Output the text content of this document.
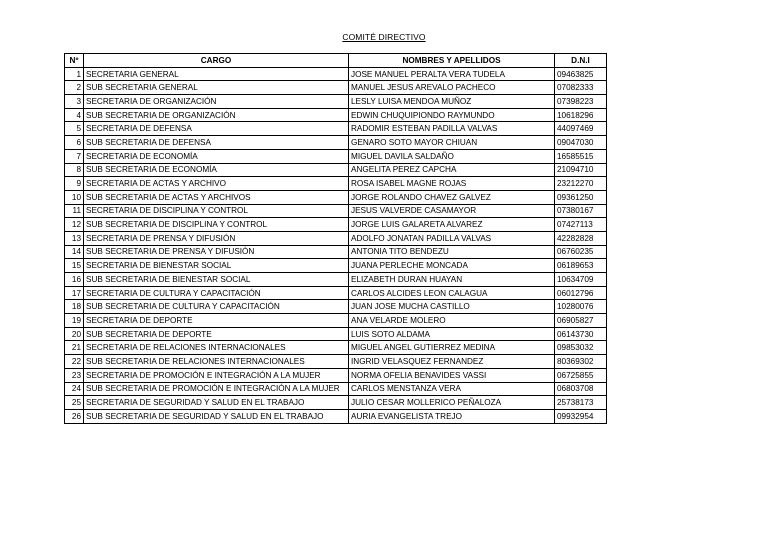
COMITÉ DIRECTIVO
Nº	CARGO	NOMBRES Y APELLIDOS	D.N.I
1	SECRETARIA GENERAL	JOSE MANUEL PERALTA VERA TUDELA	09463825
2	SUB SECRETARIA GENERAL	MANUEL JESUS AREVALO PACHECO	07082333
3	SECRETARIA DE ORGANIZACIÓN	LESLY LUISA MENDOA MUÑOZ	07398223
4	SUB SECRETARIA DE ORGANIZACIÓN	EDWIN CHUQUIPIONDO RAYMUNDO	10618296
5	SECRETARIA DE DEFENSA	RADOMIR ESTEBAN PADILLA VALVAS	44097469
6	SUB SECRETARIA DE DEFENSA	GENARO SOTO MAYOR CHIUAN	09047030
7	SECRETARIA DE ECONOMÍA	MIGUEL DAVILA SALDAÑO	16585515
8	SUB SECRETARIA DE ECONOMÍA	ANGELITA PEREZ CAPCHA	21094710
9	SECRETARIA DE ACTAS Y ARCHIVO	ROSA ISABEL MAGNE ROJAS	23212270
10	SUB SECRETARIA DE ACTAS Y ARCHIVOS	JORGE ROLANDO CHAVEZ GALVEZ	09361250
11	SECRETARIA DE DISCIPLINA Y CONTROL	JESUS VALVERDE CASAMAYOR	07380167
12	SUB SECRETARIA DE DISCIPLINA Y CONTROL	JORGE LUIS GALARETA ALVAREZ	07427113
13	SECRETARIA DE PRENSA Y DIFUSIÓN	ADOLFO JONATAN PADILLA VALVAS	42282828
14	SUB SECRETARIA DE PRENSA Y DIFUSIÓN	ANTONIA TITO BENDEZU	06760235
15	SECRETARIA DE BIENESTAR SOCIAL	JUANA PERLECHE MONCADA	06189653
16	SUB SECRETARIA DE BIENESTAR SOCIAL	ELIZABETH DURAN HUAYAN	10634709
17	SECRETARIA DE CULTURA Y CAPACITACIÓN	CARLOS ALCIDES LEON CALAGUA	06012796
18	SUB SECRETARIA DE CULTURA Y CAPACITACIÓN	JUAN JOSE MUCHA CASTILLO	10280076
19	SECRETARIA DE DEPORTE	ANA VELARDE MOLERO	06905827
20	SUB SECRETARIA DE DEPORTE	LUIS SOTO ALDAMA	06143730
21	SECRETARIA DE RELACIONES INTERNACIONALES	MIGUEL ANGEL GUTIERREZ MEDINA	09853032
22	SUB SECRETARIA DE RELACIONES INTERNACIONALES	INGRID VELASQUEZ FERNANDEZ	80369302
23	SECRETARIA DE PROMOCIÓN E INTEGRACIÓN A LA MUJER	NORMA OFELIA BENAVIDES VASSI	06725855
24	SUB SECRETARIA DE PROMOCIÓN E INTEGRACIÓN A LA MUJER	CARLOS MENSTANZA VERA	06803708
25	SECRETARIA DE SEGURIDAD Y SALUD EN EL TRABAJO	JULIO CESAR MOLLERICO PEÑALOZA	25738173
26	SUB SECRETARIA DE SEGURIDAD Y SALUD EN EL TRABAJO	AURIA EVANGELISTA TREJO	09932954
